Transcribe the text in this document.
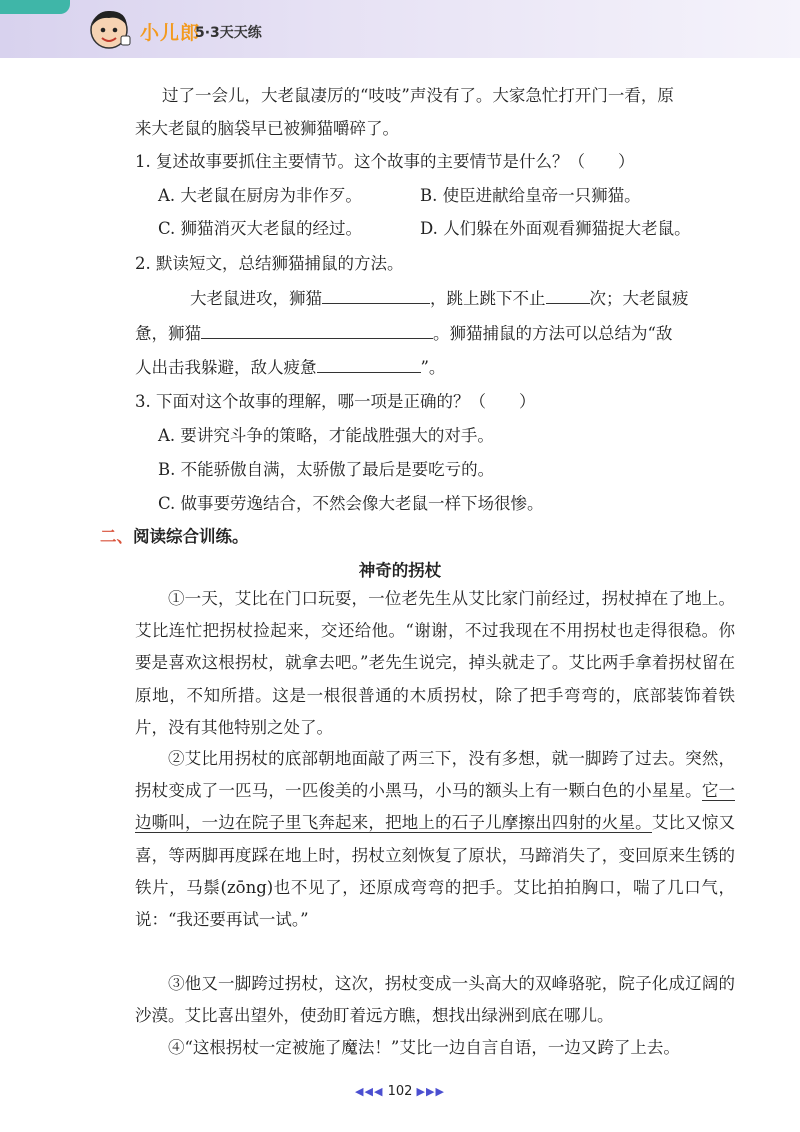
小儿郎
5·3天天练
过了一会儿，大老鼠凄厉的“吱吱”声没有了。大家急忙打开门一看，原
来大老鼠的脑袋早已被狮猫嚼碎了。
1. 复述故事要抓住主要情节。这个故事的主要情节是什么？（　　）
A. 大老鼠在厨房为非作歹。	B. 使臣进献给皇帝一只狮猫。
C. 狮猫消灭大老鼠的经过。	D. 人们躲在外面观看狮猫捉大老鼠。
2. 默读短文，总结狮猫捕鼠的方法。
大老鼠进攻，狮猫	，跳上跳下不止	次；大老鼠疲
惫，狮猫	。狮猫捕鼠的方法可以总结为“敌
人出击我躲避，敌人疲惫	”。
3. 下面对这个故事的理解，哪一项是正确的？（　　）
A. 要讲究斗争的策略，才能战胜强大的对手。
B. 不能骄傲自满，太骄傲了最后是要吃亏的。
C. 做事要劳逸结合，不然会像大老鼠一样下场很惨。
二、阅读综合训练。
神奇的拐杖
①一天，艾比在门口玩耍，一位老先生从艾比家门前经过，拐杖掉在了地上。艾比连忙把拐杖捡起来，交还给他。“谢谢，不过我现在不用拐杖也走得很稳。你要是喜欢这根拐杖，就拿去吧。”老先生说完，掉头就走了。艾比两手拿着拐杖留在原地，不知所措。这是一根很普通的木质拐杖，除了把手弯弯的，底部装饰着铁片，没有其他特别之处了。
②艾比用拐杖的底部朝地面敲了两三下，没有多想，就一脚跨了过去。突然，拐杖变成了一匹马，一匹俊美的小黑马，小马的额头上有一颗白色的小星星。它一边嘶叫，一边在院子里飞奔起来，把地上的石子儿摩擦出四射的火星。艾比又惊又喜，等两脚再度踩在地上时，拐杖立刻恢复了原状，马蹄消失了，变回原来生锈的铁片，马鬃(zōng)也不见了，还原成弯弯的把手。艾比拍拍胸口，喘了几口气，说：“我还要再试一试。”
③他又一脚跨过拐杖，这次，拐杖变成一头高大的双峰骆驼，院子化成辽阔的沙漠。艾比喜出望外，使劲盯着远方瞧，想找出绿洲到底在哪儿。
④“这根拐杖一定被施了魔法！”艾比一边自言自语，一边又跨了上去。
◀◀◀ 102 ▶▶▶
